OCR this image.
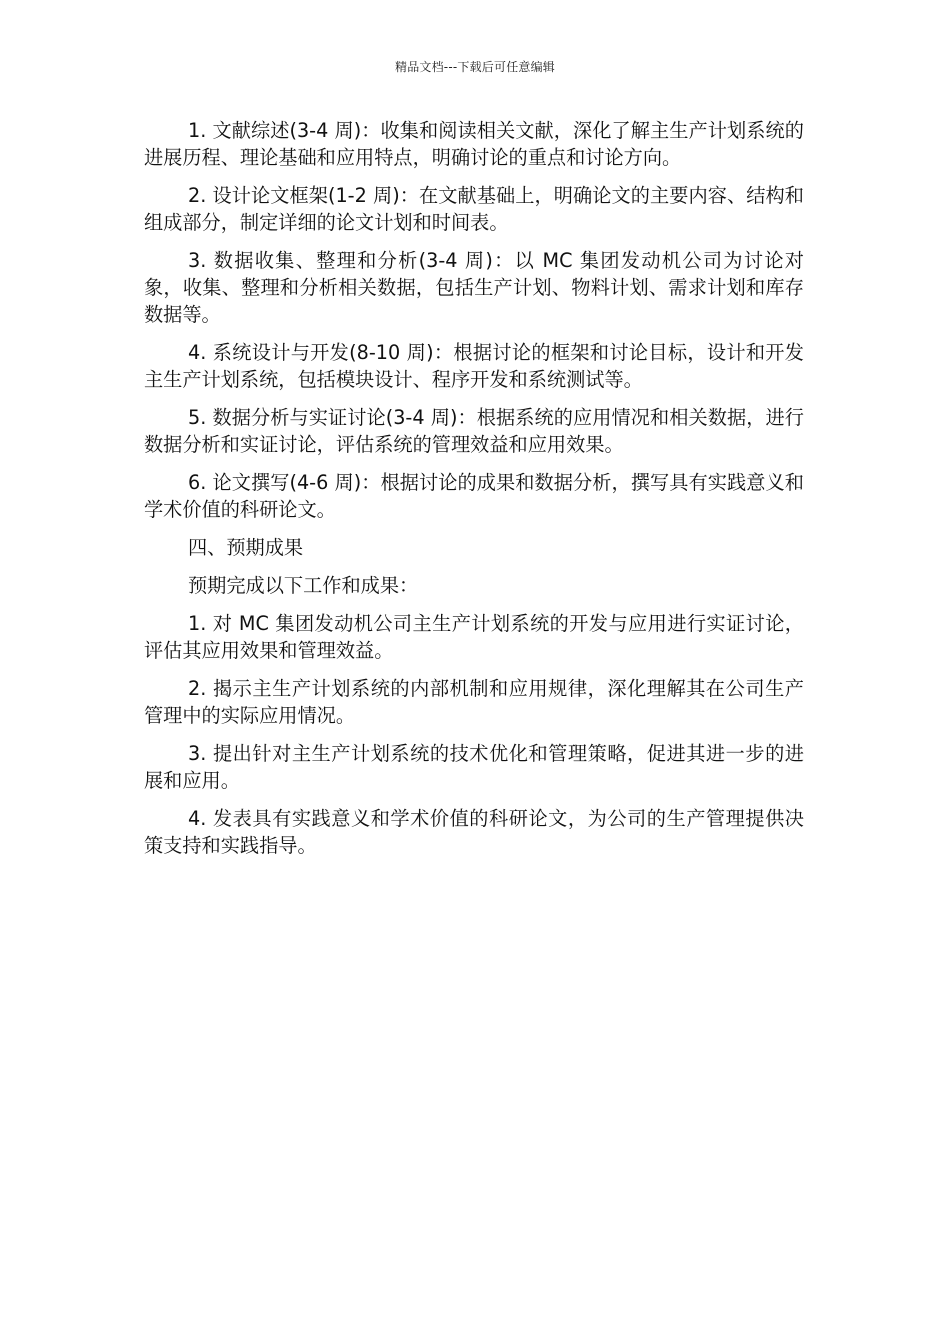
精品文档---下载后可任意编辑

1. 文献综述(3-4 周)：收集和阅读相关文献，深化了解主生产计划系统的进展历程、理论基础和应用特点，明确讨论的重点和讨论方向。

2. 设计论文框架(1-2 周)：在文献基础上，明确论文的主要内容、结构和组成部分，制定详细的论文计划和时间表。

3. 数据收集、整理和分析(3-4 周)：以 MC 集团发动机公司为讨论对象，收集、整理和分析相关数据，包括生产计划、物料计划、需求计划和库存数据等。

4. 系统设计与开发(8-10 周)：根据讨论的框架和讨论目标，设计和开发主生产计划系统，包括模块设计、程序开发和系统测试等。

5. 数据分析与实证讨论(3-4 周)：根据系统的应用情况和相关数据，进行数据分析和实证讨论，评估系统的管理效益和应用效果。

6. 论文撰写(4-6 周)：根据讨论的成果和数据分析，撰写具有实践意义和学术价值的科研论文。

四、预期成果

预期完成以下工作和成果：

1. 对 MC 集团发动机公司主生产计划系统的开发与应用进行实证讨论，评估其应用效果和管理效益。

2. 揭示主生产计划系统的内部机制和应用规律，深化理解其在公司生产管理中的实际应用情况。

3. 提出针对主生产计划系统的技术优化和管理策略，促进其进一步的进展和应用。

4. 发表具有实践意义和学术价值的科研论文，为公司的生产管理提供决策支持和实践指导。
